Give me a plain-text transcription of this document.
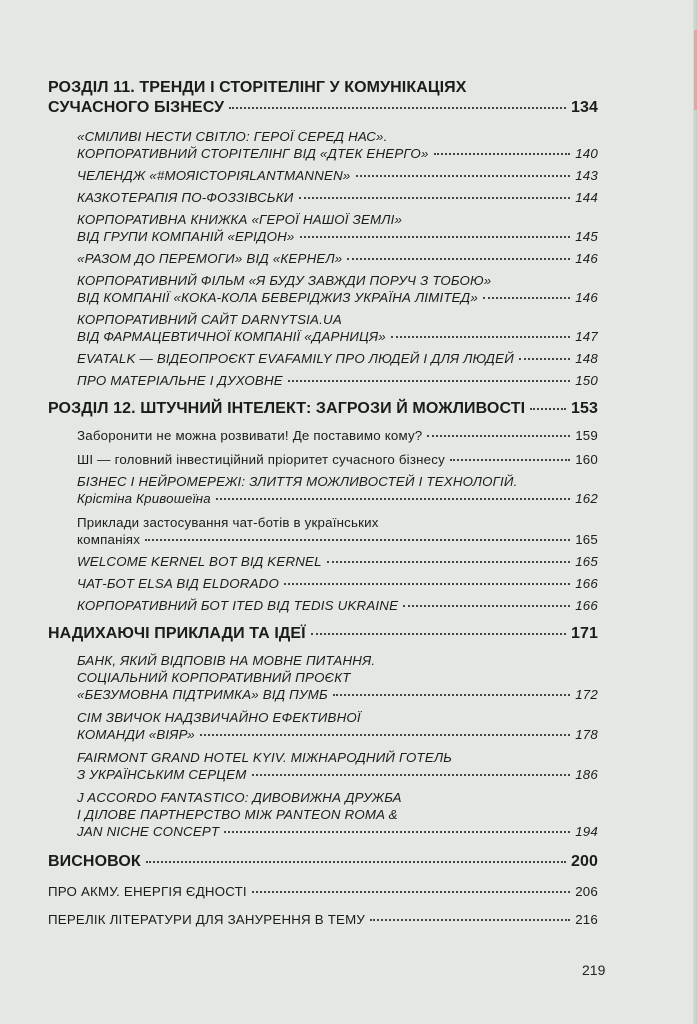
РОЗДІЛ 11. ТРЕНДИ І СТОРІТЕЛІНГ У КОМУНІКАЦІЯХ
СУЧАСНОГО БІЗНЕСУ	134
«СМІЛИВІ НЕСТИ СВІТЛО: ГЕРОЇ СЕРЕД НАС».
КОРПОРАТИВНИЙ СТОРІТЕЛІНГ ВІД «ДТЕК ЕНЕРГО»	140
ЧЕЛЕНДЖ «#МОЯІСТОРІЯLANTMANNEN»	143
КАЗКОТЕРАПІЯ ПО-ФОЗЗІВСЬКИ	144
КОРПОРАТИВНА КНИЖКА «ГЕРОЇ НАШОЇ ЗЕМЛІ»
ВІД ГРУПИ КОМПАНІЙ «ЕРІДОН»	145
«РАЗОМ ДО ПЕРЕМОГИ» ВІД «КЕРНЕЛ»	146
КОРПОРАТИВНИЙ ФІЛЬМ «Я БУДУ ЗАВЖДИ ПОРУЧ З ТОБОЮ»
ВІД КОМПАНІЇ «КОКА-КОЛА БЕВЕРІДЖИЗ УКРАЇНА ЛІМІТЕД»	146
КОРПОРАТИВНИЙ САЙТ DARNYTSIA.UA
ВІД ФАРМАЦЕВТИЧНОЇ КОМПАНІЇ «ДАРНИЦЯ»	147
EVATALK — ВІДЕОПРОЄКТ EVAFAMILY ПРО ЛЮДЕЙ І ДЛЯ ЛЮДЕЙ	148
ПРО МАТЕРІАЛЬНЕ І ДУХОВНЕ	150
РОЗДІЛ 12. ШТУЧНИЙ ІНТЕЛЕКТ: ЗАГРОЗИ Й МОЖЛИВОСТІ	153
Заборонити не можна розвивати! Де поставимо кому?	159
ШІ — головний інвестиційний пріоритет сучасного бізнесу	160
БІЗНЕС І НЕЙРОМЕРЕЖІ: ЗЛИТТЯ МОЖЛИВОСТЕЙ І ТЕХНОЛОГІЙ.
Крістіна Кривошеїна	162
Приклади застосування чат-ботів в українських
компаніях	165
WELCOME KERNEL BOT ВІД KERNEL	165
ЧАТ-БОТ ELSA ВІД ELDORADO	166
КОРПОРАТИВНИЙ БОТ ITED ВІД TEDIS UKRAINE	166
НАДИХАЮЧІ ПРИКЛАДИ ТА ІДЕЇ	171
БАНК, ЯКИЙ ВІДПОВІВ НА МОВНЕ ПИТАННЯ.
СОЦІАЛЬНИЙ КОРПОРАТИВНИЙ ПРОЄКТ
«БЕЗУМОВНА ПІДТРИМКА» ВІД ПУМБ	172
СІМ ЗВИЧОК НАДЗВИЧАЙНО ЕФЕКТИВНОЇ
КОМАНДИ «ВІЯР»	178
FAIRMONT GRAND HOTEL KYIV. МІЖНАРОДНИЙ ГОТЕЛЬ
З УКРАЇНСЬКИМ СЕРЦЕМ	186
J ACCORDO FANTASTICO: ДИВОВИЖНА ДРУЖБА
І ДІЛОВЕ ПАРТНЕРСТВО МІЖ PANTEON ROMA &
JAN NICHE CONCEPT	194
ВИСНОВОК	200
ПРО АКМУ. ЕНЕРГІЯ ЄДНОСТІ	206
ПЕРЕЛІК ЛІТЕРАТУРИ ДЛЯ ЗАНУРЕННЯ В ТЕМУ	216
219
